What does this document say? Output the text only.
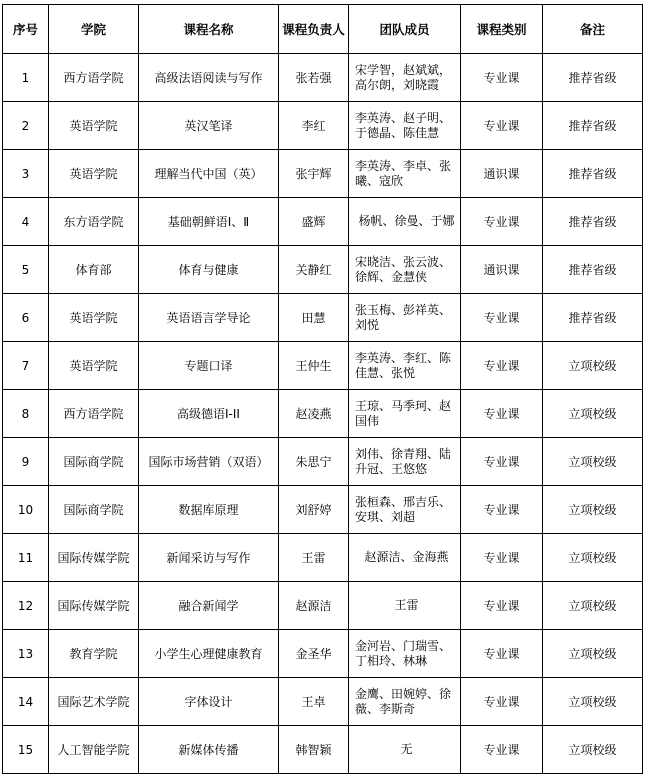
序号	学院	课程名称	课程负责人	团队成员	课程类别	备注
1	西方语学院	高级法语阅读与写作	张若强	宋学智，赵斌斌，
高尔朗，刘晓霞	专业课	推荐省级
2	英语学院	英汉笔译	李红	李英涛、赵子明、
于德晶、陈佳慧	专业课	推荐省级
3	英语学院	理解当代中国（英）	张宇辉	李英涛、李卓、张
曦、寇欣	通识课	推荐省级
4	东方语学院	基础朝鲜语Ⅰ、Ⅱ	盛辉	杨帆、徐曼、于娜	专业课	推荐省级
5	体育部	体育与健康	关静红	宋晓洁、张云波、
徐辉、金慧侠	通识课	推荐省级
6	英语学院	英语语言学导论	田慧	张玉梅、彭祥英、
刘悦	专业课	推荐省级
7	英语学院	专题口译	王仲生	李英涛、李红、陈
佳慧、张悦	专业课	立项校级
8	西方语学院	高级德语I-II	赵凌燕	王琼、马季珂、赵
国伟	专业课	立项校级
9	国际商学院	国际市场营销（双语）	朱思宁	刘伟、徐青翔、陆
升冠、王悠悠	专业课	立项校级
10	国际商学院	数据库原理	刘舒婷	张桓森、邢吉乐、
安琪、刘超	专业课	立项校级
11	国际传媒学院	新闻采访与写作	王雷	赵源洁、金海燕	专业课	立项校级
12	国际传媒学院	融合新闻学	赵源洁	王雷	专业课	立项校级
13	教育学院	小学生心理健康教育	金圣华	金河岩、门瑞雪、
丁相玲、林琳	专业课	立项校级
14	国际艺术学院	字体设计	王卓	金鹰、田婉婷、徐
薇、李斯奇	专业课	立项校级
15	人工智能学院	新媒体传播	韩智颖	无	专业课	立项校级
